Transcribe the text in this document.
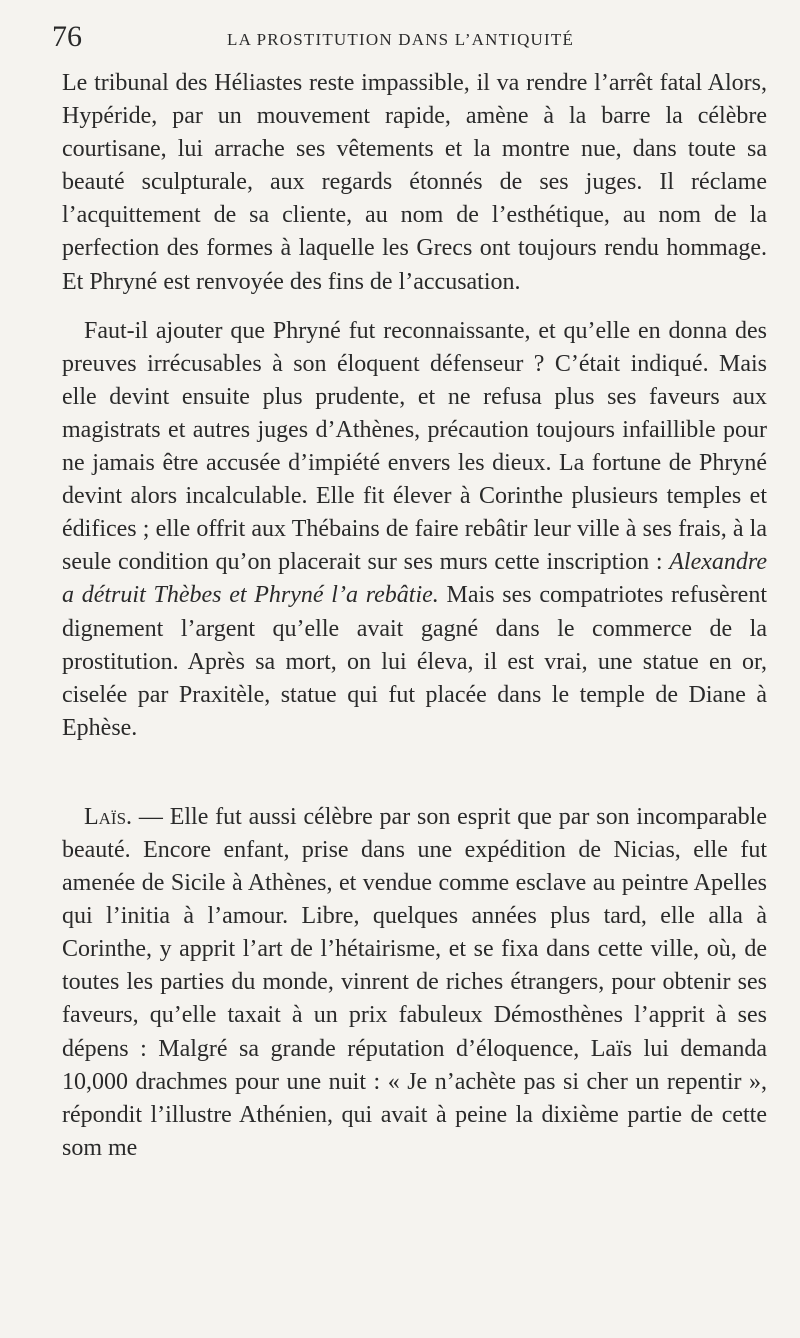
76	LA PROSTITUTION DANS L’ANTIQUITÉ

Le tribunal des Héliastes reste impassible, il va rendre l’arrêt fatal Alors, Hypéride, par un mouvement rapide, amène à la barre la célèbre courtisane, lui arrache ses vêtements et la montre nue, dans toute sa beauté sculpturale, aux regards étonnés de ses juges. Il réclame l’acquittement de sa cliente, au nom de l’esthétique, au nom de la perfection des formes à laquelle les Grecs ont toujours rendu hommage. Et Phryné est renvoyée des fins de l’accusation.

Faut-il ajouter que Phryné fut reconnaissante, et qu’elle en donna des preuves irrécusables à son éloquent défenseur ? C’était indiqué. Mais elle devint ensuite plus prudente, et ne refusa plus ses faveurs aux magistrats et autres juges d’Athènes, précaution toujours infaillible pour ne jamais être accusée d’impiété envers les dieux. La fortune de Phryné devint alors incalculable. Elle fit élever à Corinthe plusieurs temples et édifices ; elle offrit aux Thébains de faire rebâtir leur ville à ses frais, à la seule condition qu’on placerait sur ses murs cette inscription : Alexandre a détruit Thèbes et Phryné l’a rebâtie. Mais ses compatriotes refusèrent dignement l’argent qu’elle avait gagné dans le commerce de la prostitution. Après sa mort, on lui éleva, il est vrai, une statue en or, ciselée par Praxitèle, statue qui fut placée dans le temple de Diane à Ephèse.

Laïs. — Elle fut aussi célèbre par son esprit que par son incomparable beauté. Encore enfant, prise dans une expédition de Nicias, elle fut amenée de Sicile à Athènes, et vendue comme esclave au peintre Apelles qui l’initia à l’amour. Libre, quelques années plus tard, elle alla à Corinthe, y apprit l’art de l’hétairisme, et se fixa dans cette ville, où, de toutes les parties du monde, vinrent de riches étrangers, pour obtenir ses faveurs, qu’elle taxait à un prix fabuleux Démosthènes l’apprit à ses dépens : Malgré sa grande réputation d’éloquence, Laïs lui demanda 10,000 drachmes pour une nuit : « Je n’achète pas si cher un repentir », répondit l’illustre Athénien, qui avait à peine la dixième partie de cette som me
